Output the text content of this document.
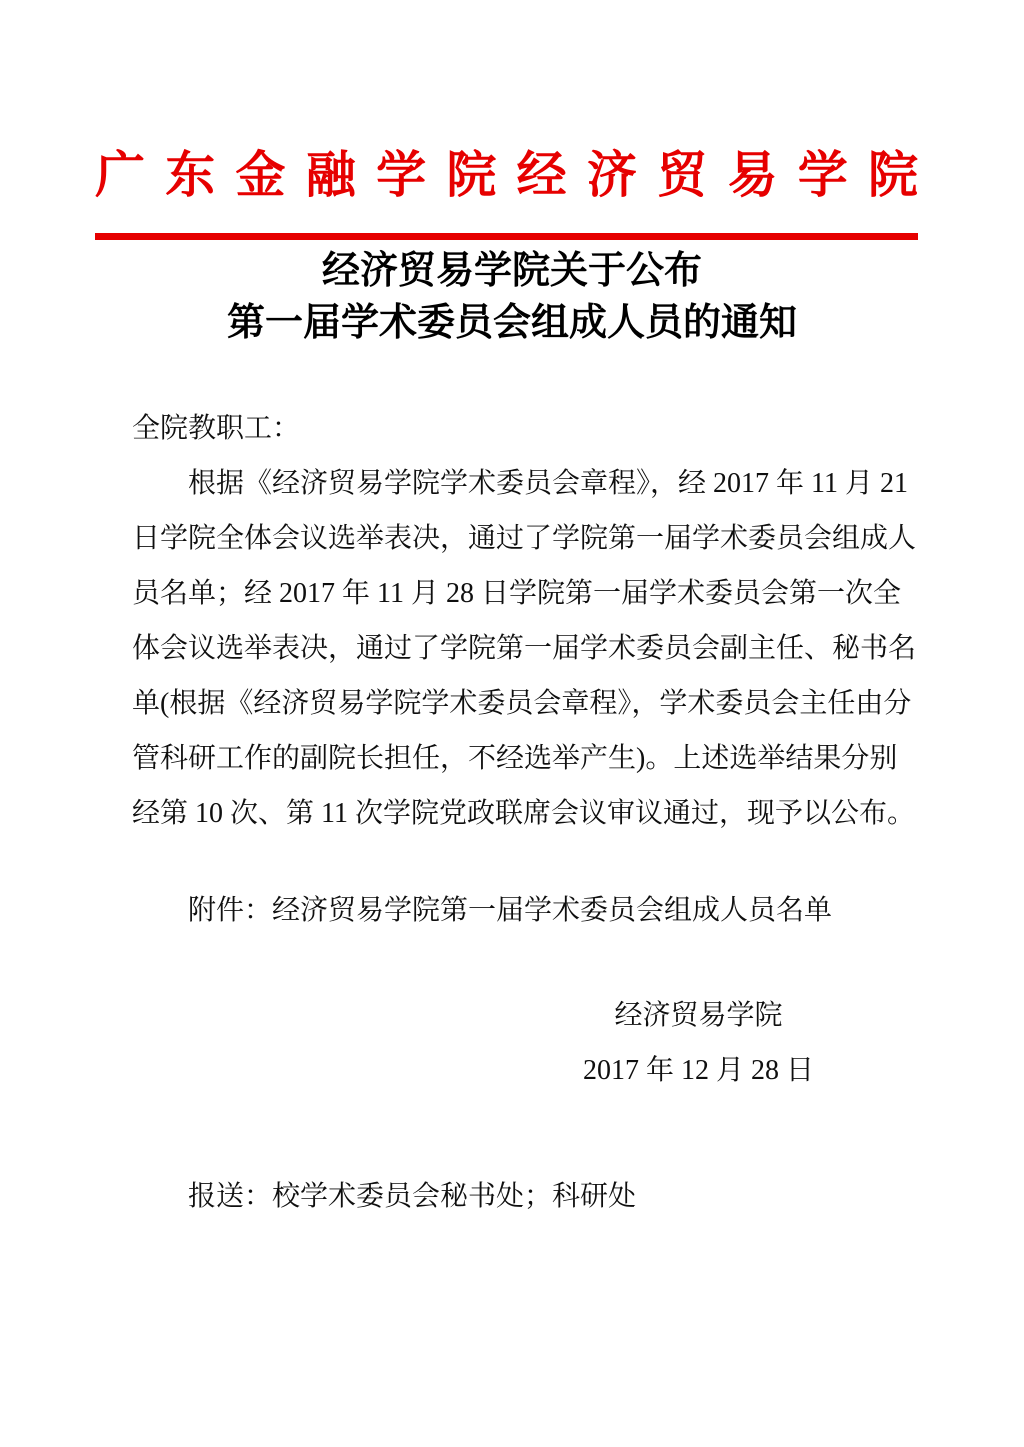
广东金融学院经济贸易学院
经济贸易学院关于公布
第一届学术委员会组成人员的通知
全院教职工：
根据《经济贸易学院学术委员会章程》，经 2017 年 11 月 21
日学院全体会议选举表决，通过了学院第一届学术委员会组成人
员名单；经 2017 年 11 月 28 日学院第一届学术委员会第一次全
体会议选举表决，通过了学院第一届学术委员会副主任、秘书名
单(根据《经济贸易学院学术委员会章程》，学术委员会主任由分
管科研工作的副院长担任，不经选举产生)。上述选举结果分别
经第 10 次、第 11 次学院党政联席会议审议通过，现予以公布。
附件：经济贸易学院第一届学术委员会组成人员名单
经济贸易学院
2017 年 12 月 28 日
报送：校学术委员会秘书处；科研处
